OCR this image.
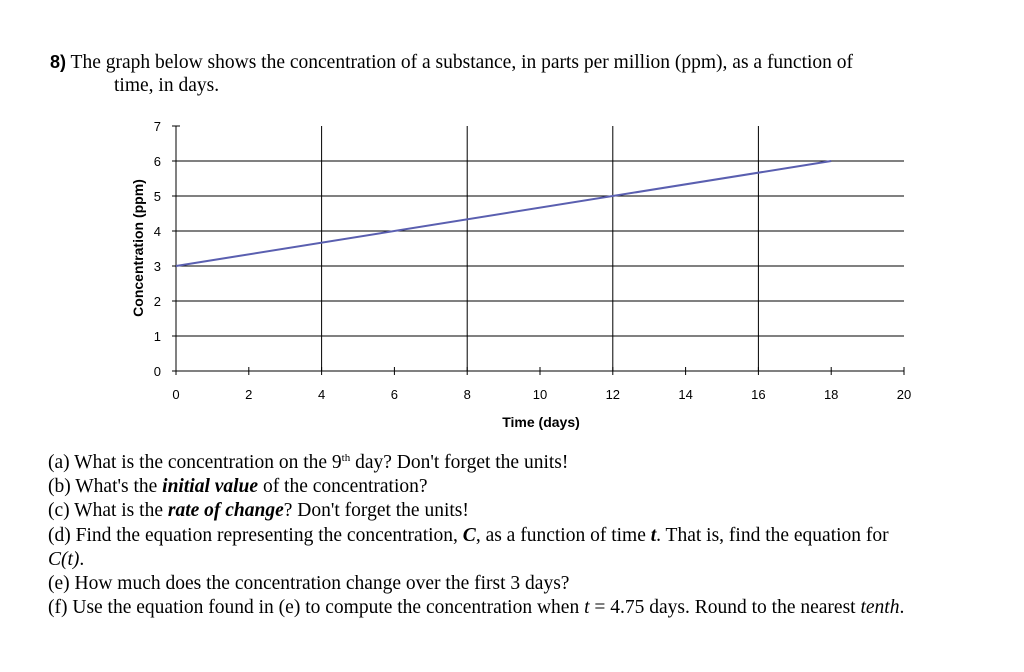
8) The graph below shows the concentration of a substance, in parts per million (ppm), as a function of
time, in days.
0	2	4	6	8	10	12	14	16	18	20
0
1
2
3
4
5
6
7
Time (days)
Concentration (ppm)
(a) What is the concentration on the 9th day? Don't forget the units!
(b) What's the initial value of the concentration?
(c) What is the rate of change? Don't forget the units!
(d) Find the equation representing the concentration, C, as a function of time t. That is, find the equation for
C(t).
(e) How much does the concentration change over the first 3 days?
(f) Use the equation found in (e) to compute the concentration when t = 4.75 days. Round to the nearest tenth.
